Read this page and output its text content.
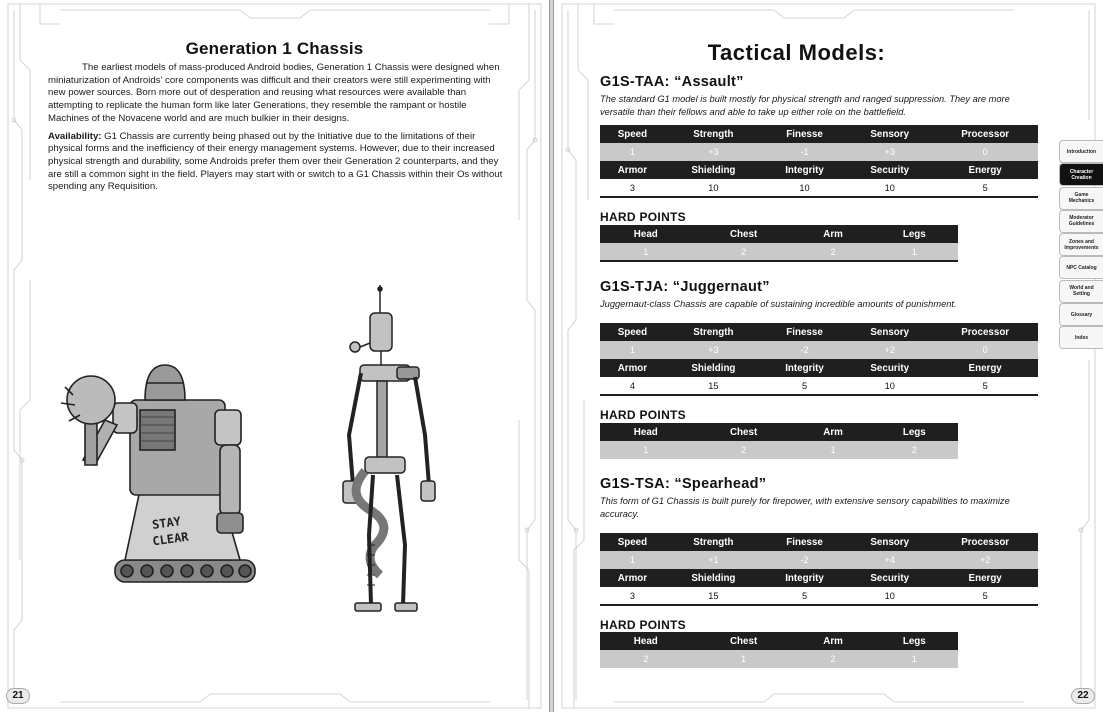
Generation 1 Chassis

The earliest models of mass-produced Android bodies, Generation 1 Chassis were designed when miniaturization of Androids' core components was difficult and their creators were still experimenting with new power sources. Born more out of desperation and reusing what resources were available than attempting to replicate the human form like later Generations, they resemble the rampant or hostile Machines of the Novacene world and are much bulkier in their designs.

Availability: G1 Chassis are currently being phased out by the Initiative due to the limitations of their physical forms and the inefficiency of their energy management systems. However, due to their increased physical strength and durability, some Androids prefer them over their Generation 2 counterparts, and they are still a common sight in the field. Players may start with or switch to a G1 Chassis within their Os without spending any Requisition.

STAY
CLEAR
21
Tactical Models:
G1S-TAA: “Assault”
The standard G1 model is built mostly for physical strength and ranged suppression. They are more versatile than their fellows and able to take up either role on the battlefield.
Speed	Strength	Finesse	Sensory	Processor
1	+3	-1	+3	0
Armor	Shielding	Integrity	Security	Energy
3	10	10	10	5
HARD POINTS
Head	Chest	Arm	Legs
1	2	2	1
G1S-TJA: “Juggernaut”
Juggernaut-class Chassis are capable of sustaining incredible amounts of punishment.
Speed	Strength	Finesse	Sensory	Processor
1	+3	-2	+2	0
Armor	Shielding	Integrity	Security	Energy
4	15	5	10	5
HARD POINTS
Head	Chest	Arm	Legs
1	2	1	2
G1S-TSA: “Spearhead”
This form of G1 Chassis is built purely for firepower, with extensive sensory capabilities to maximize accuracy.
Speed	Strength	Finesse	Sensory	Processor
1	+1	-2	+4	+2
Armor	Shielding	Integrity	Security	Energy
3	15	5	10	5
HARD POINTS
Head	Chest	Arm	Legs
2	1	2	1
Introduction
Character Creation
Game Mechanics
Moderator Guidelines
Zones and Improvements
NPC Catalog
World and Setting
Glossary
Index
22
